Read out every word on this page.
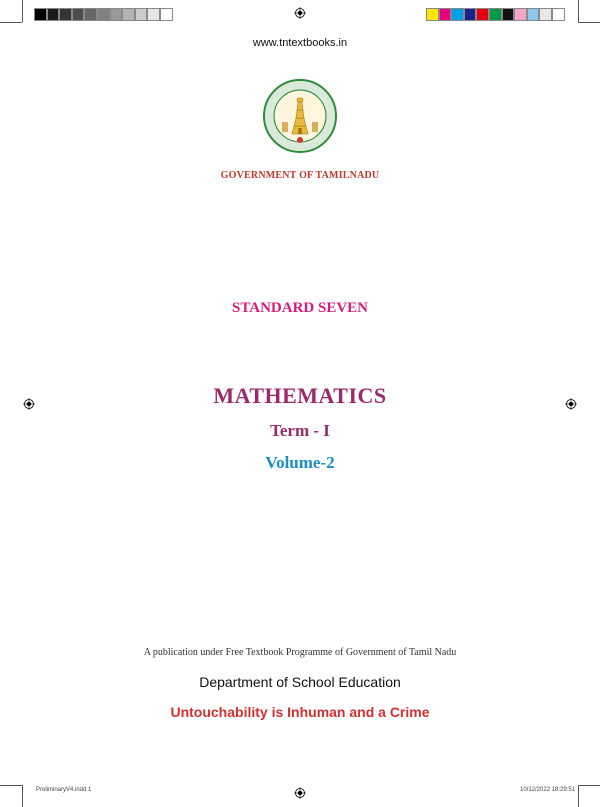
www.tntextbooks.in
GOVERNMENT OF TAMILNADU
STANDARD SEVEN
MATHEMATICS
Term - I
Volume-2
A publication under Free Textbook Programme of Government of Tamil Nadu
Department of School Education
Untouchability is Inhuman and a Crime
PreliminaryV4.indd 1	10/12/2022 18:29:51
